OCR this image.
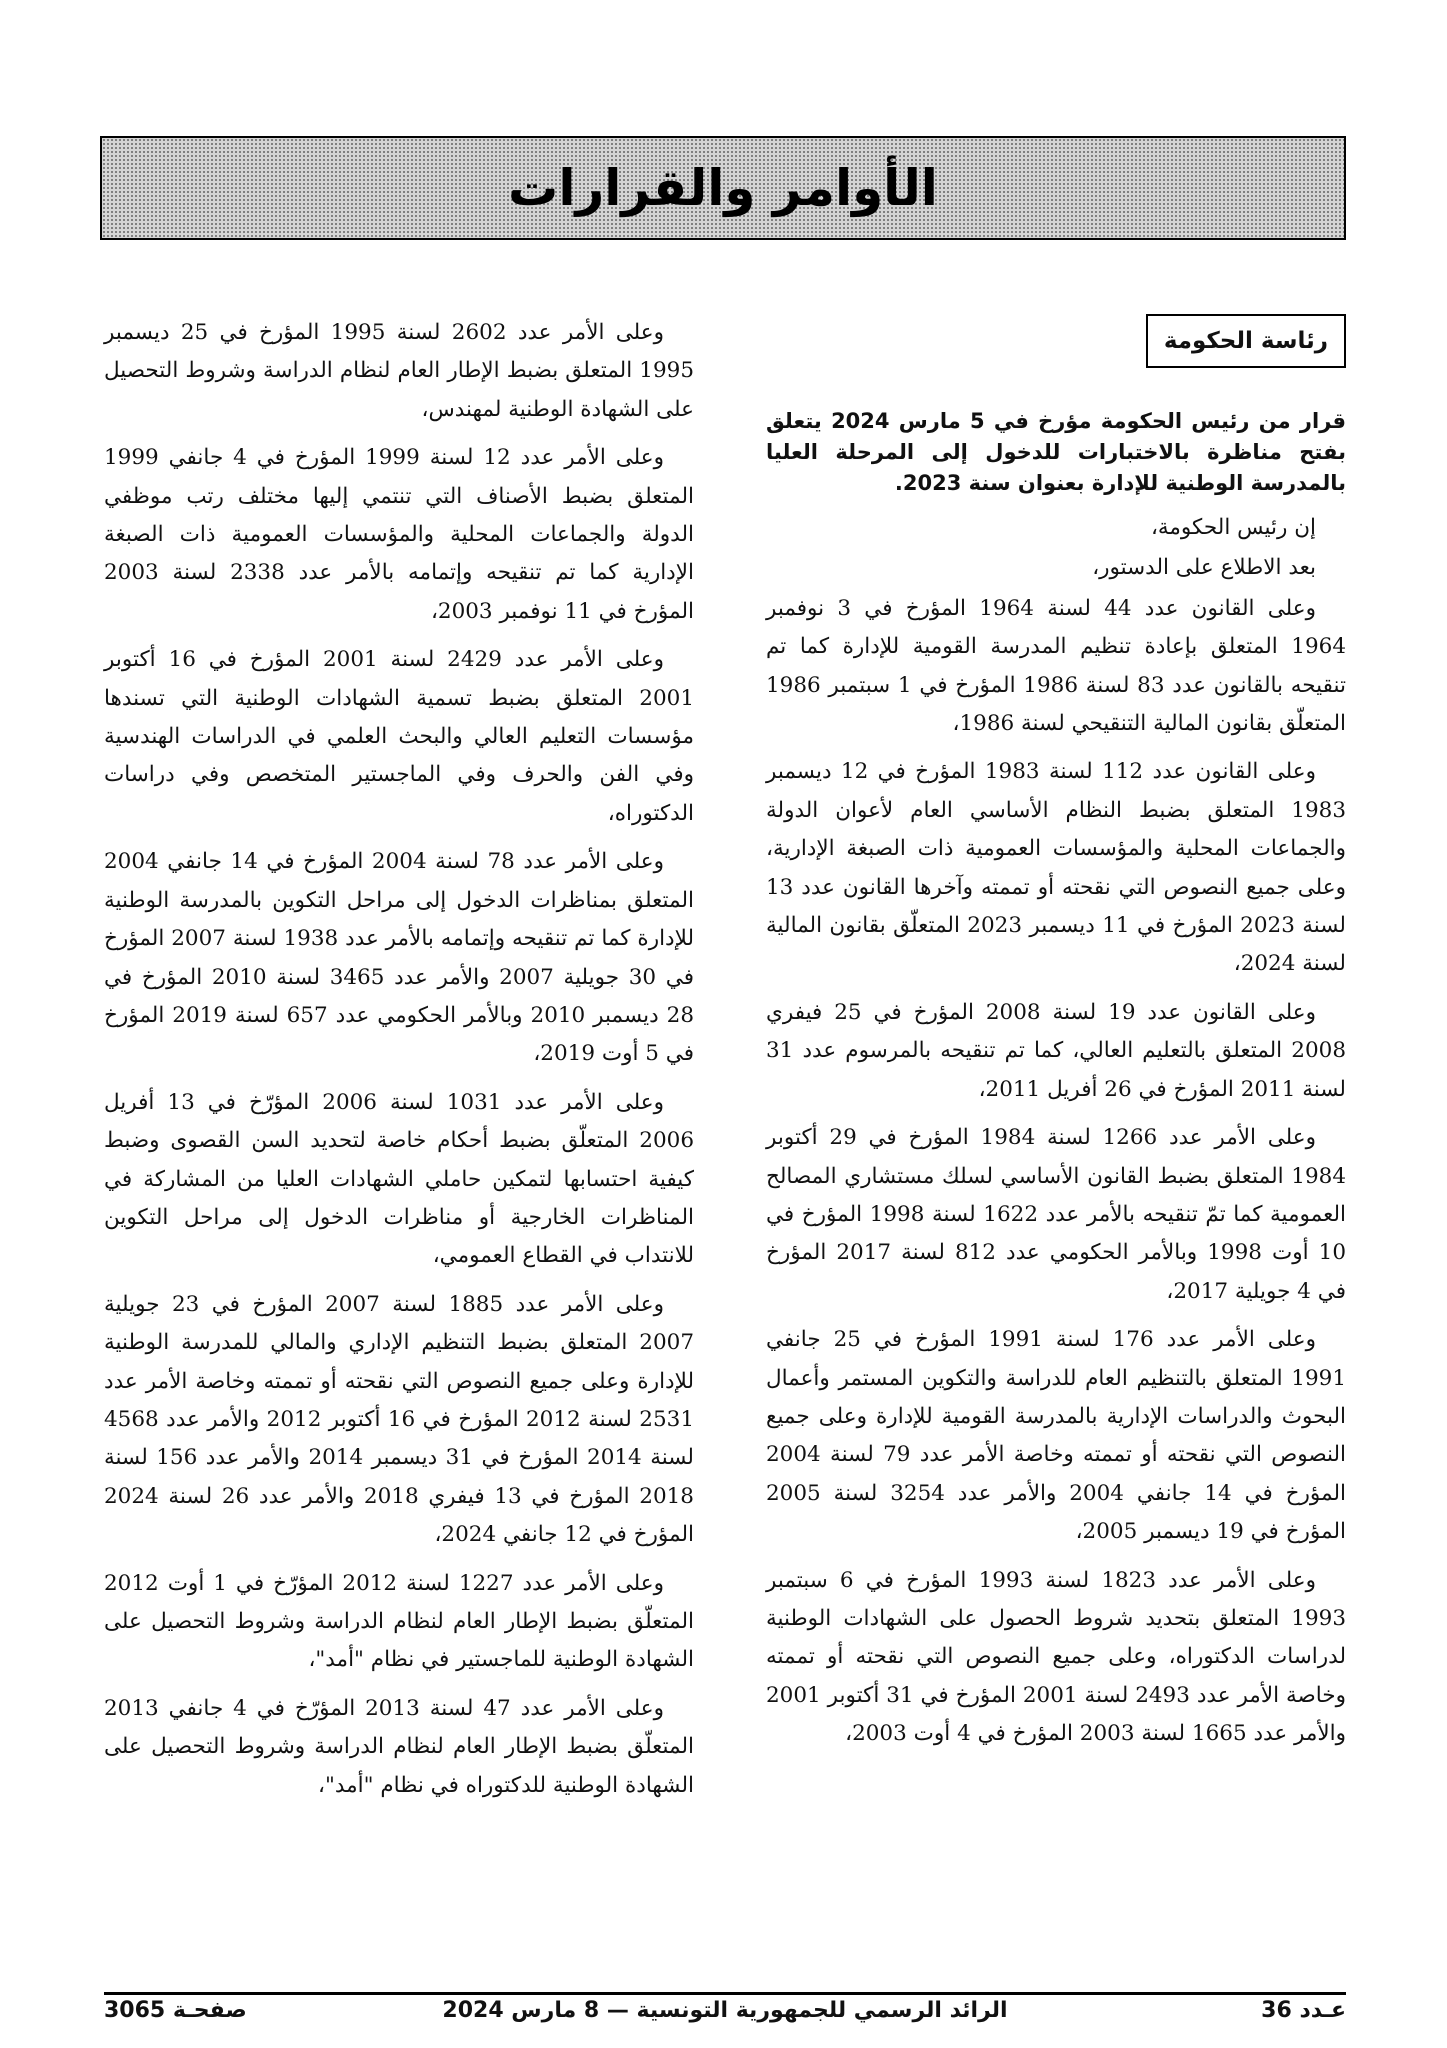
الأوامر والقرارات
رئاسة الحكومة
قرار من رئيس الحكومة مؤرخ في 5 مارس 2024 يتعلق بفتح مناظرة بالاختبارات للدخول إلى المرحلة العليا بالمدرسة الوطنية للإدارة بعنوان سنة 2023.

إن رئيس الحكومة،

بعد الاطلاع على الدستور،

وعلى القانون عدد 44 لسنة 1964 المؤرخ في 3 نوفمبر 1964 المتعلق بإعادة تنظيم المدرسة القومية للإدارة كما تم تنقيحه بالقانون عدد 83 لسنة 1986 المؤرخ في 1 سبتمبر 1986 المتعلّق بقانون المالية التنقيحي لسنة 1986،

وعلى القانون عدد 112 لسنة 1983 المؤرخ في 12 ديسمبر 1983 المتعلق بضبط النظام الأساسي العام لأعوان الدولة والجماعات المحلية والمؤسسات العمومية ذات الصبغة الإدارية، وعلى جميع النصوص التي نقحته أو تممته وآخرها القانون عدد 13 لسنة 2023 المؤرخ في 11 ديسمبر 2023 المتعلّق بقانون المالية لسنة 2024،

وعلى القانون عدد 19 لسنة 2008 المؤرخ في 25 فيفري 2008 المتعلق بالتعليم العالي، كما تم تنقيحه بالمرسوم عدد 31 لسنة 2011 المؤرخ في 26 أفريل 2011،

وعلى الأمر عدد 1266 لسنة 1984 المؤرخ في 29 أكتوبر 1984 المتعلق بضبط القانون الأساسي لسلك مستشاري المصالح العمومية كما تمّ تنقيحه بالأمر عدد 1622 لسنة 1998 المؤرخ في 10 أوت 1998 وبالأمر الحكومي عدد 812 لسنة 2017 المؤرخ في 4 جويلية 2017،

وعلى الأمر عدد 176 لسنة 1991 المؤرخ في 25 جانفي 1991 المتعلق بالتنظيم العام للدراسة والتكوين المستمر وأعمال البحوث والدراسات الإدارية بالمدرسة القومية للإدارة وعلى جميع النصوص التي نقحته أو تممته وخاصة الأمر عدد 79 لسنة 2004 المؤرخ في 14 جانفي 2004 والأمر عدد 3254 لسنة 2005 المؤرخ في 19 ديسمبر 2005،

وعلى الأمر عدد 1823 لسنة 1993 المؤرخ في 6 سبتمبر 1993 المتعلق بتحديد شروط الحصول على الشهادات الوطنية لدراسات الدكتوراه، وعلى جميع النصوص التي نقحته أو تممته وخاصة الأمر عدد 2493 لسنة 2001 المؤرخ في 31 أكتوبر 2001 والأمر عدد 1665 لسنة 2003 المؤرخ في 4 أوت 2003،

وعلى الأمر عدد 2602 لسنة 1995 المؤرخ في 25 ديسمبر 1995 المتعلق بضبط الإطار العام لنظام الدراسة وشروط التحصيل على الشهادة الوطنية لمهندس،

وعلى الأمر عدد 12 لسنة 1999 المؤرخ في 4 جانفي 1999 المتعلق بضبط الأصناف التي تنتمي إليها مختلف رتب موظفي الدولة والجماعات المحلية والمؤسسات العمومية ذات الصبغة الإدارية كما تم تنقيحه وإتمامه بالأمر عدد 2338 لسنة 2003 المؤرخ في 11 نوفمبر 2003،

وعلى الأمر عدد 2429 لسنة 2001 المؤرخ في 16 أكتوبر 2001 المتعلق بضبط تسمية الشهادات الوطنية التي تسندها مؤسسات التعليم العالي والبحث العلمي في الدراسات الهندسية وفي الفن والحرف وفي الماجستير المتخصص وفي دراسات الدكتوراه،

وعلى الأمر عدد 78 لسنة 2004 المؤرخ في 14 جانفي 2004 المتعلق بمناظرات الدخول إلى مراحل التكوين بالمدرسة الوطنية للإدارة كما تم تنقيحه وإتمامه بالأمر عدد 1938 لسنة 2007 المؤرخ في 30 جويلية 2007 والأمر عدد 3465 لسنة 2010 المؤرخ في 28 ديسمبر 2010 وبالأمر الحكومي عدد 657 لسنة 2019 المؤرخ في 5 أوت 2019،

وعلى الأمر عدد 1031 لسنة 2006 المؤرّخ في 13 أفريل 2006 المتعلّق بضبط أحكام خاصة لتحديد السن القصوى وضبط كيفية احتسابها لتمكين حاملي الشهادات العليا من المشاركة في المناظرات الخارجية أو مناظرات الدخول إلى مراحل التكوين للانتداب في القطاع العمومي،

وعلى الأمر عدد 1885 لسنة 2007 المؤرخ في 23 جويلية 2007 المتعلق بضبط التنظيم الإداري والمالي للمدرسة الوطنية للإدارة وعلى جميع النصوص التي نقحته أو تممته وخاصة الأمر عدد 2531 لسنة 2012 المؤرخ في 16 أكتوبر 2012 والأمر عدد 4568 لسنة 2014 المؤرخ في 31 ديسمبر 2014 والأمر عدد 156 لسنة 2018 المؤرخ في 13 فيفري 2018 والأمر عدد 26 لسنة 2024 المؤرخ في 12 جانفي 2024،

وعلى الأمر عدد 1227 لسنة 2012 المؤرّخ في 1 أوت 2012 المتعلّق بضبط الإطار العام لنظام الدراسة وشروط التحصيل على الشهادة الوطنية للماجستير في نظام "أمد"،

وعلى الأمر عدد 47 لسنة 2013 المؤرّخ في 4 جانفي 2013 المتعلّق بضبط الإطار العام لنظام الدراسة وشروط التحصيل على الشهادة الوطنية للدكتوراه في نظام "أمد"،

عـدد 36
الرائد الرسمي للجمهورية التونسية — 8 مارس 2024
صفحـة 3065
